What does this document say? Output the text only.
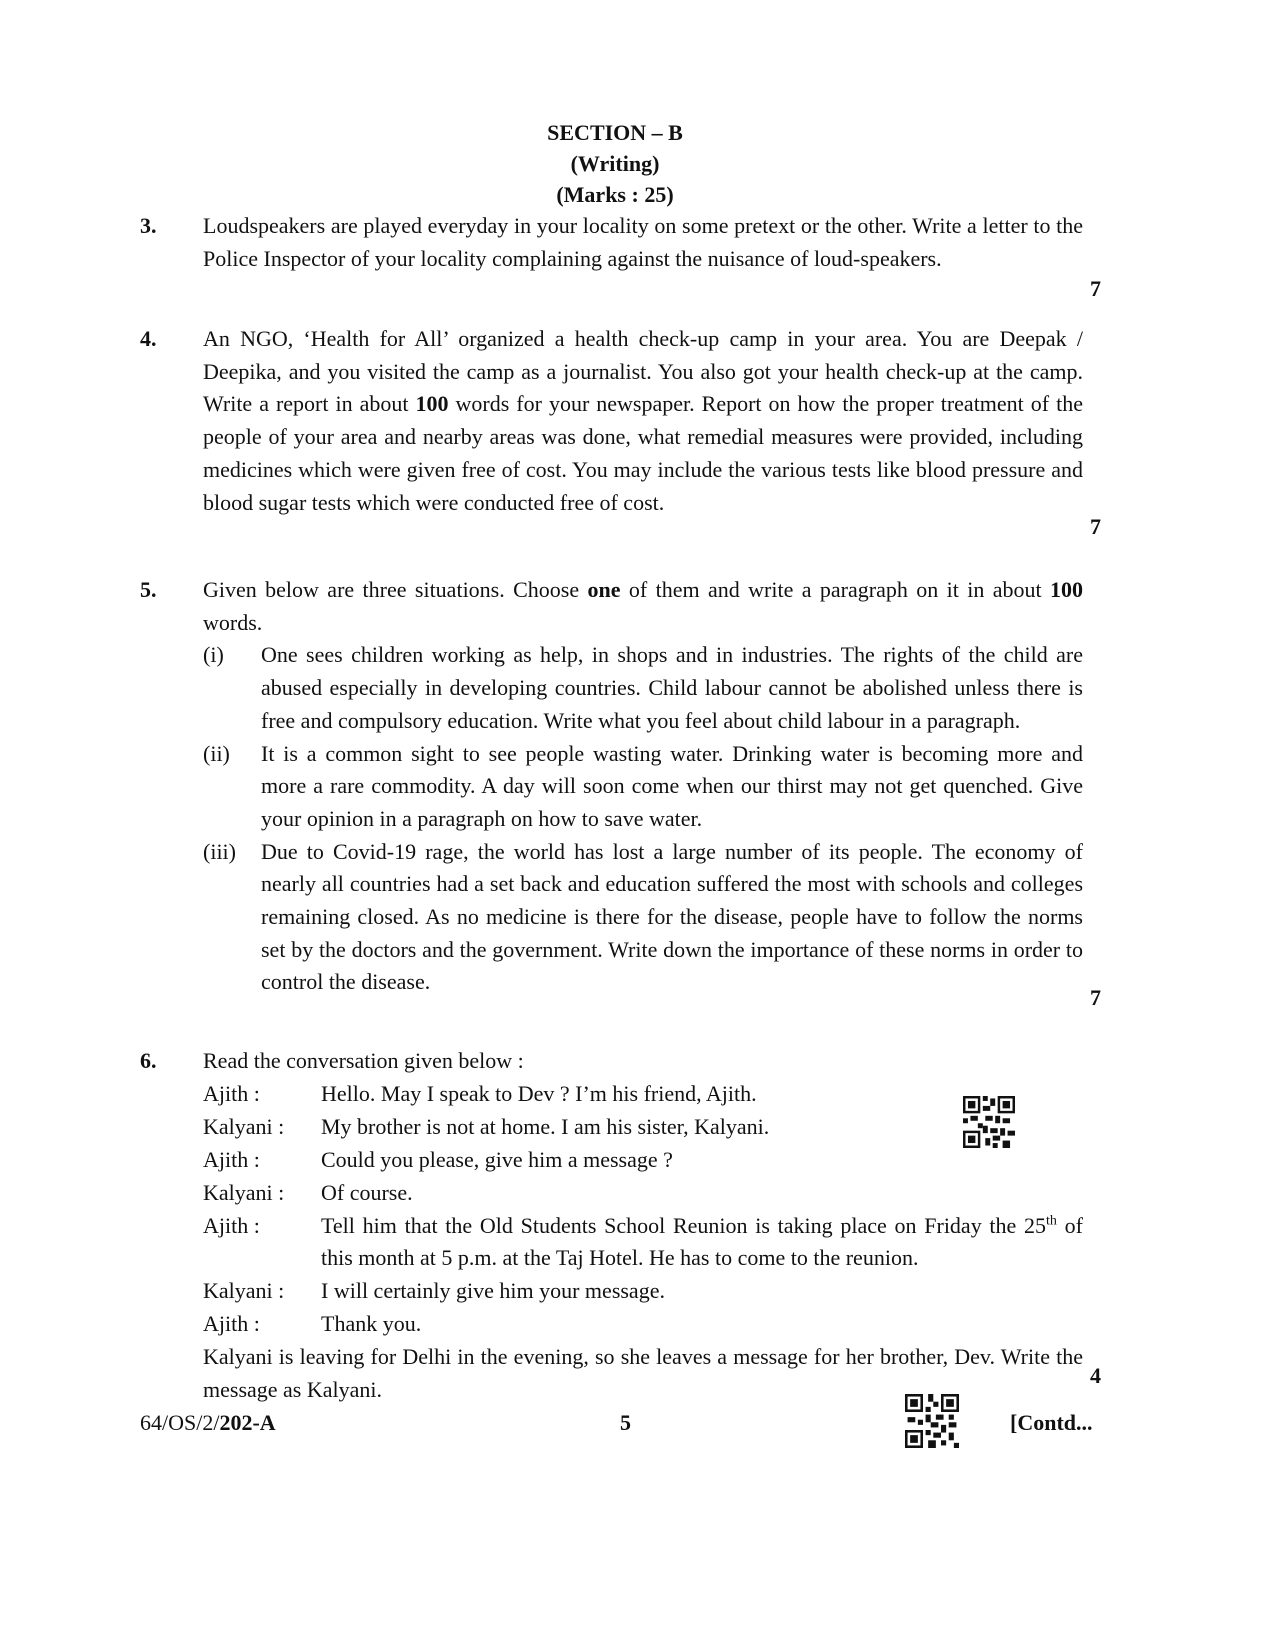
SECTION – B
(Writing)
(Marks : 25)
3. Loudspeakers are played everyday in your locality on some pretext or the other. Write a letter to the Police Inspector of your locality complaining against the nuisance of loud-speakers.
7
4. An NGO, ‘Health for All’ organized a health check-up camp in your area. You are Deepak / Deepika, and you visited the camp as a journalist. You also got your health check-up at the camp. Write a report in about 100 words for your newspaper. Report on how the proper treatment of the people of your area and nearby areas was done, what remedial measures were provided, including medicines which were given free of cost. You may include the various tests like blood pressure and blood sugar tests which were conducted free of cost.
7
5. Given below are three situations. Choose one of them and write a paragraph on it in about 100 words.
(i) One sees children working as help, in shops and in industries. The rights of the child are abused especially in developing countries. Child labour cannot be abolished unless there is free and compulsory education. Write what you feel about child labour in a paragraph.
(ii) It is a common sight to see people wasting water. Drinking water is becoming more and more a rare commodity. A day will soon come when our thirst may not get quenched. Give your opinion in a paragraph on how to save water.
(iii) Due to Covid-19 rage, the world has lost a large number of its people. The economy of nearly all countries had a set back and education suffered the most with schools and colleges remaining closed. As no medicine is there for the disease, people have to follow the norms set by the doctors and the government. Write down the importance of these norms in order to control the disease.
7
6. Read the conversation given below :
Ajith :	Hello. May I speak to Dev ? I’m his friend, Ajith.
Kalyani :	My brother is not at home. I am his sister, Kalyani.
Ajith :	Could you please, give him a message ?
Kalyani :	Of course.
Ajith :	Tell him that the Old Students School Reunion is taking place on Friday the 25th of this month at 5 p.m. at the Taj Hotel. He has to come to the reunion.
Kalyani :	I will certainly give him your message.
Ajith :	Thank you.
Kalyani is leaving for Delhi in the evening, so she leaves a message for her brother, Dev. Write the message as Kalyani.
4
64/OS/2/202-A	5	[Contd...
